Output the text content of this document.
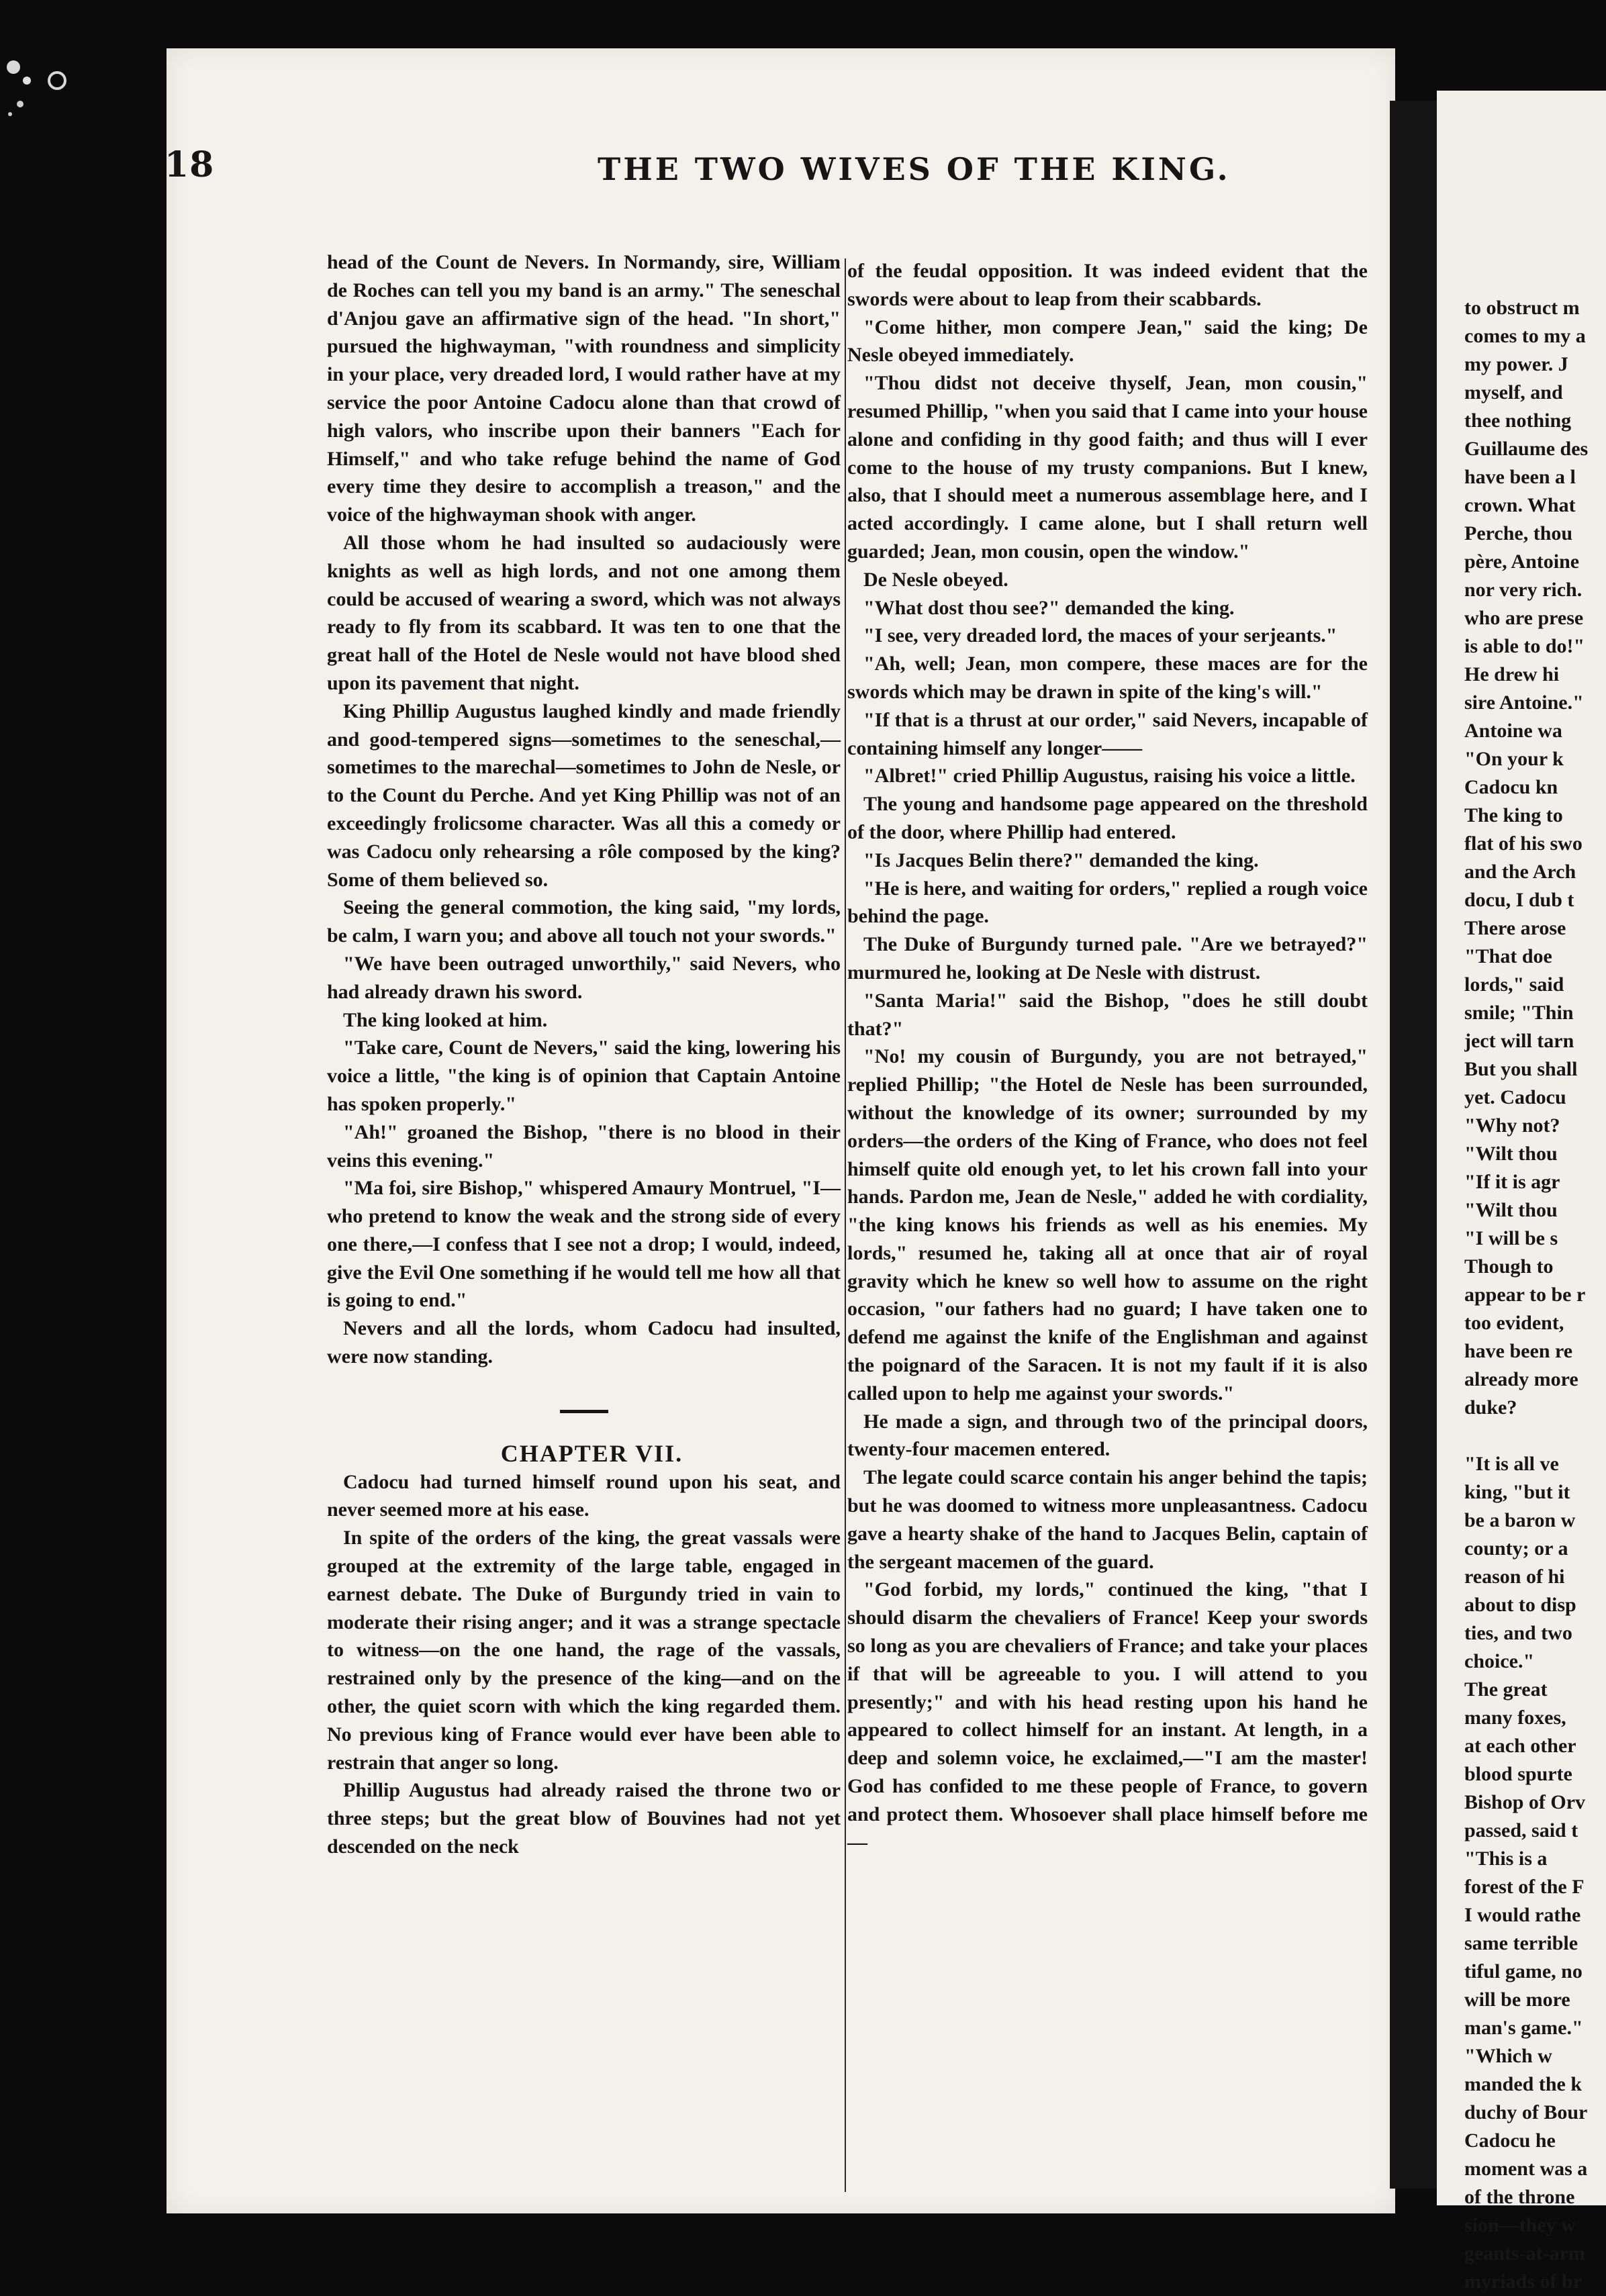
18	THE TWO WIVES OF THE KING.

head of the Count de Nevers. In Normandy, sire, William de Roches can tell you my band is an army." The seneschal d'Anjou gave an affirmative sign of the head. "In short," pursued the highwayman, "with roundness and simplicity in your place, very dreaded lord, I would rather have at my service the poor Antoine Cadocu alone than that crowd of high valors, who inscribe upon their banners "Each for Himself," and who take refuge behind the name of God every time they desire to accomplish a treason," and the voice of the highwayman shook with anger.

All those whom he had insulted so audaciously were knights as well as high lords, and not one among them could be accused of wearing a sword, which was not always ready to fly from its scabbard. It was ten to one that the great hall of the Hotel de Nesle would not have blood shed upon its pavement that night.

King Phillip Augustus laughed kindly and made friendly and good-tempered signs—sometimes to the seneschal,—sometimes to the marechal—sometimes to John de Nesle, or to the Count du Perche. And yet King Phillip was not of an exceedingly frolicsome character. Was all this a comedy or was Cadocu only rehearsing a rôle composed by the king? Some of them believed so.

Seeing the general commotion, the king said, "my lords, be calm, I warn you; and above all touch not your swords."

"We have been outraged unworthily," said Nevers, who had already drawn his sword.

The king looked at him.

"Take care, Count de Nevers," said the king, lowering his voice a little, "the king is of opinion that Captain Antoine has spoken properly."

"Ah!" groaned the Bishop, "there is no blood in their veins this evening."

"Ma foi, sire Bishop," whispered Amaury Montruel, "I—who pretend to know the weak and the strong side of every one there,—I confess that I see not a drop; I would, indeed, give the Evil One something if he would tell me how all that is going to end."

Nevers and all the lords, whom Cadocu had insulted, were now standing.

CHAPTER VII.

Cadocu had turned himself round upon his seat, and never seemed more at his ease.

In spite of the orders of the king, the great vassals were grouped at the extremity of the large table, engaged in earnest debate. The Duke of Burgundy tried in vain to moderate their rising anger; and it was a strange spectacle to witness—on the one hand, the rage of the vassals, restrained only by the presence of the king—and on the other, the quiet scorn with which the king regarded them. No previous king of France would ever have been able to restrain that anger so long.

Phillip Augustus had already raised the throne two or three steps; but the great blow of Bouvines had not yet descended on the neck

of the feudal opposition. It was indeed evident that the swords were about to leap from their scabbards.

"Come hither, mon compere Jean," said the king; De Nesle obeyed immediately.

"Thou didst not deceive thyself, Jean, mon cousin," resumed Phillip, "when you said that I came into your house alone and confiding in thy good faith; and thus will I ever come to the house of my trusty companions. But I knew, also, that I should meet a numerous assemblage here, and I acted accordingly. I came alone, but I shall return well guarded; Jean, mon cousin, open the window."

De Nesle obeyed.

"What dost thou see?" demanded the king.

"I see, very dreaded lord, the maces of your serjeants."

"Ah, well; Jean, mon compere, these maces are for the swords which may be drawn in spite of the king's will."

"If that is a thrust at our order," said Nevers, incapable of containing himself any longer——

"Albret!" cried Phillip Augustus, raising his voice a little.

The young and handsome page appeared on the threshold of the door, where Phillip had entered.

"Is Jacques Belin there?" demanded the king.

"He is here, and waiting for orders," replied a rough voice behind the page.

The Duke of Burgundy turned pale. "Are we betrayed?" murmured he, looking at De Nesle with distrust.

"Santa Maria!" said the Bishop, "does he still doubt that?"

"No! my cousin of Burgundy, you are not betrayed," replied Phillip; "the Hotel de Nesle has been surrounded, without the knowledge of its owner; surrounded by my orders—the orders of the King of France, who does not feel himself quite old enough yet, to let his crown fall into your hands. Pardon me, Jean de Nesle," added he with cordiality, "the king knows his friends as well as his enemies. My lords," resumed he, taking all at once that air of royal gravity which he knew so well how to assume on the right occasion, "our fathers had no guard; I have taken one to defend me against the knife of the Englishman and against the poignard of the Saracen. It is not my fault if it is also called upon to help me against your swords."

He made a sign, and through two of the principal doors, twenty-four macemen entered.

The legate could scarce contain his anger behind the tapis; but he was doomed to witness more unpleasantness. Cadocu gave a hearty shake of the hand to Jacques Belin, captain of the sergeant macemen of the guard.

"God forbid, my lords," continued the king, "that I should disarm the chevaliers of France! Keep your swords so long as you are chevaliers of France; and take your places if that will be agreeable to you. I will attend to you presently;" and with his head resting upon his hand he appeared to collect himself for an instant. At length, in a deep and solemn voice, he exclaimed,—"I am the master! God has confided to me these people of France, to govern and protect them. Whosoever shall place himself before me—

to obstruct m
comes to my a
my power. J
myself, and
thee nothing
Guillaume des
have been a l
crown. What
Perche, thou
père, Antoine
nor very rich.
who are prese
is able to do!"
He drew hi
sire Antoine."
Antoine wa
"On your k
Cadocu kn
The king to
flat of his swo
and the Arch
docu, I dub t
There arose
"That doe
lords," said
smile; "Thin
ject will tarn
But you shall
yet. Cadocu
"Why not?
"Wilt thou
"If it is agr
"Wilt thou
"I will be s
Though to
appear to be r
too evident,
have been re
already more
duke?
"It is all ve
king, "but it
be a baron w
county; or a
reason of hi
about to disp
ties, and two
choice."
The great
many foxes,
at each other
blood spurte
Bishop of Orv
passed, said t
"This is a
forest of the F
I would rathe
same terrible
tiful game, no
will be more
man's game."
"Which w
manded the k
duchy of Bour
Cadocu he
moment was a
of the throne
sion—they w
geants-at-arm
myriads of br
